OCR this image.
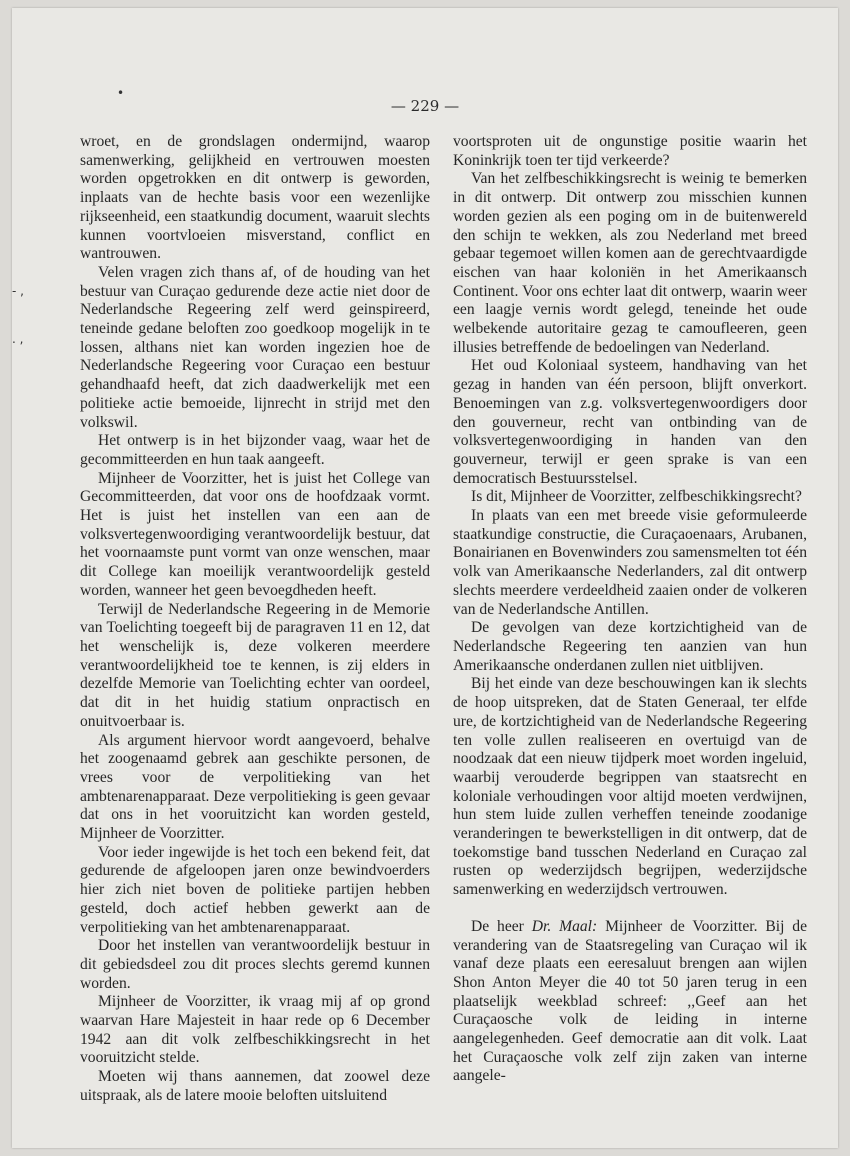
•
- ,
. ,
— 229 —

wroet, en de grondslagen ondermijnd, waarop samenwerking, gelijkheid en vertrouwen moesten worden opgetrokken en dit ontwerp is geworden, inplaats van de hechte basis voor een wezenlijke rijkseenheid, een staatkundig document, waaruit slechts kunnen voortvloeien misverstand, conflict en wantrouwen.

Velen vragen zich thans af, of de houding van het bestuur van Curaçao gedurende deze actie niet door de Nederlandsche Regeering zelf werd geinspireerd, teneinde gedane beloften zoo goedkoop mogelijk in te lossen, althans niet kan worden ingezien hoe de Nederlandsche Regeering voor Curaçao een bestuur gehandhaafd heeft, dat zich daadwerkelijk met een politieke actie bemoeide, lijnrecht in strijd met den volkswil.

Het ontwerp is in het bijzonder vaag, waar het de gecommitteerden en hun taak aangeeft.

Mijnheer de Voorzitter, het is juist het College van Gecommitteerden, dat voor ons de hoofdzaak vormt. Het is juist het instellen van een aan de volksvertegenwoordiging verantwoordelijk bestuur, dat het voornaamste punt vormt van onze wenschen, maar dit College kan moeilijk verantwoordelijk gesteld worden, wanneer het geen bevoegdheden heeft.

Terwijl de Nederlandsche Regeering in de Memorie van Toelichting toegeeft bij de paragraven 11 en 12, dat het wenschelijk is, deze volkeren meerdere verantwoordelijkheid toe te kennen, is zij elders in dezelfde Memorie van Toelichting echter van oordeel, dat dit in het huidig statium onpractisch en onuitvoerbaar is.

Als argument hiervoor wordt aangevoerd, behalve het zoogenaamd gebrek aan geschikte personen, de vrees voor de verpolitieking van het ambtenarenapparaat. Deze verpolitieking is geen gevaar dat ons in het vooruitzicht kan worden gesteld, Mijnheer de Voorzitter.

Voor ieder ingewijde is het toch een bekend feit, dat gedurende de afgeloopen jaren onze bewindvoerders hier zich niet boven de politieke partijen hebben gesteld, doch actief hebben gewerkt aan de verpolitieking van het ambtenarenapparaat.

Door het instellen van verantwoordelijk bestuur in dit gebiedsdeel zou dit proces slechts geremd kunnen worden.

Mijnheer de Voorzitter, ik vraag mij af op grond waarvan Hare Majesteit in haar rede op 6 December 1942 aan dit volk zelfbeschikkingsrecht in het vooruitzicht stelde.

Moeten wij thans aannemen, dat zoowel deze uitspraak, als de latere mooie beloften uitsluitend

voortsproten uit de ongunstige positie waarin het Koninkrijk toen ter tijd verkeerde?

Van het zelfbeschikkingsrecht is weinig te bemerken in dit ontwerp. Dit ontwerp zou misschien kunnen worden gezien als een poging om in de buitenwereld den schijn te wekken, als zou Nederland met breed gebaar tegemoet willen komen aan de gerechtvaardigde eischen van haar koloniën in het Amerikaansch Continent. Voor ons echter laat dit ontwerp, waarin weer een laagje vernis wordt gelegd, teneinde het oude welbekende autoritaire gezag te camoufleeren, geen illusies betreffende de bedoelingen van Nederland.

Het oud Koloniaal systeem, handhaving van het gezag in handen van één persoon, blijft onverkort. Benoemingen van z.g. volksvertegenwoordigers door den gouverneur, recht van ontbinding van de volksvertegenwoordiging in handen van den gouverneur, terwijl er geen sprake is van een democratisch Bestuursstelsel.

Is dit, Mijnheer de Voorzitter, zelfbeschikkingsrecht?

In plaats van een met breede visie geformuleerde staatkundige constructie, die Curaçaoenaars, Arubanen, Bonairianen en Bovenwinders zou samensmelten tot één volk van Amerikaansche Nederlanders, zal dit ontwerp slechts meerdere verdeeldheid zaaien onder de volkeren van de Nederlandsche Antillen.

De gevolgen van deze kortzichtigheid van de Nederlandsche Regeering ten aanzien van hun Amerikaansche onderdanen zullen niet uitblijven.

Bij het einde van deze beschouwingen kan ik slechts de hoop uitspreken, dat de Staten Generaal, ter elfde ure, de kortzichtigheid van de Nederlandsche Regeering ten volle zullen realiseeren en overtuigd van de noodzaak dat een nieuw tijdperk moet worden ingeluid, waarbij verouderde begrippen van staatsrecht en koloniale verhoudingen voor altijd moeten verdwijnen, hun stem luide zullen verheffen teneinde zoodanige veranderingen te bewerkstelligen in dit ontwerp, dat de toekomstige band tusschen Nederland en Curaçao zal rusten op wederzijdsch begrijpen, wederzijdsche samenwerking en wederzijdsch vertrouwen.

De heer Dr. Maal: Mijnheer de Voorzitter. Bij de verandering van de Staatsregeling van Curaçao wil ik vanaf deze plaats een eeresaluut brengen aan wijlen Shon Anton Meyer die 40 tot 50 jaren terug in een plaatselijk weekblad schreef: ,,Geef aan het Curaçaosche volk de leiding in interne aangelegenheden. Geef democratie aan dit volk. Laat het Curaçaosche volk zelf zijn zaken van interne aangele-
